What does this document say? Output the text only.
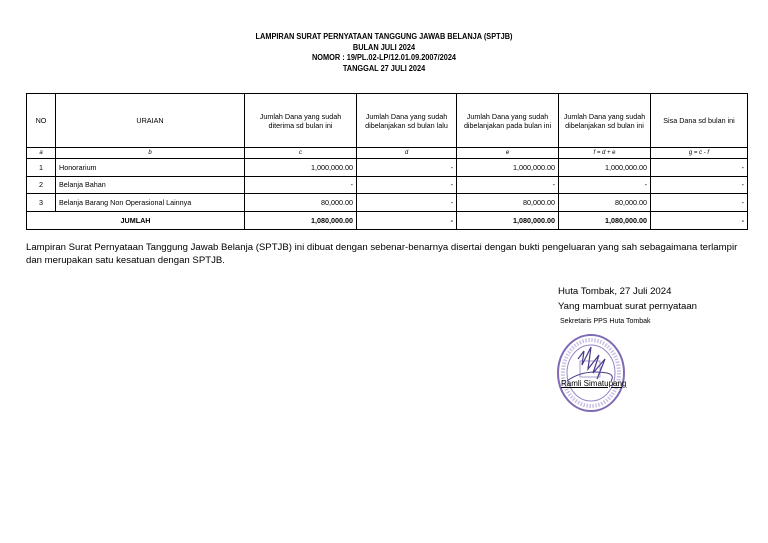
LAMPIRAN SURAT PERNYATAAN TANGGUNG JAWAB BELANJA (SPTJB)
BULAN JULI 2024
NOMOR : 19/PL.02-LP/12.01.09.2007/2024
TANGGAL 27 JULI 2024
NO	URAIAN	Jumlah Dana yang sudah diterima sd bulan ini	Jumlah Dana yang sudah dibelanjakan sd bulan lalu	Jumlah Dana yang sudah dibelanjakan pada bulan ini	Jumlah Dana yang sudah dibelanjakan sd bulan ini	Sisa Dana sd bulan ini
a	b	c	d	e	f = d + e	g = c - f
1	Honorarium	1,000,000.00	-	1,000,000.00	1,000,000.00	-
2	Belanja Bahan	-	-	-	-	-
3	Belanja Barang Non Operasional Lainnya	80,000.00	-	80,000.00	80,000.00	-
JUMLAH		1,080,000.00	-	1,080,000.00	1,080,000.00	-
Lampiran Surat Pernyataan Tanggung Jawab Belanja (SPTJB) ini dibuat dengan sebenar-benarnya disertai dengan bukti pengeluaran yang sah sebagaimana terlampir dan merupakan satu kesatuan dengan SPTJB.
Huta Tombak, 27 Juli 2024
Yang mambuat surat pernyataan
Sekretaris PPS Huta Tombak
Ramli Simatupang
